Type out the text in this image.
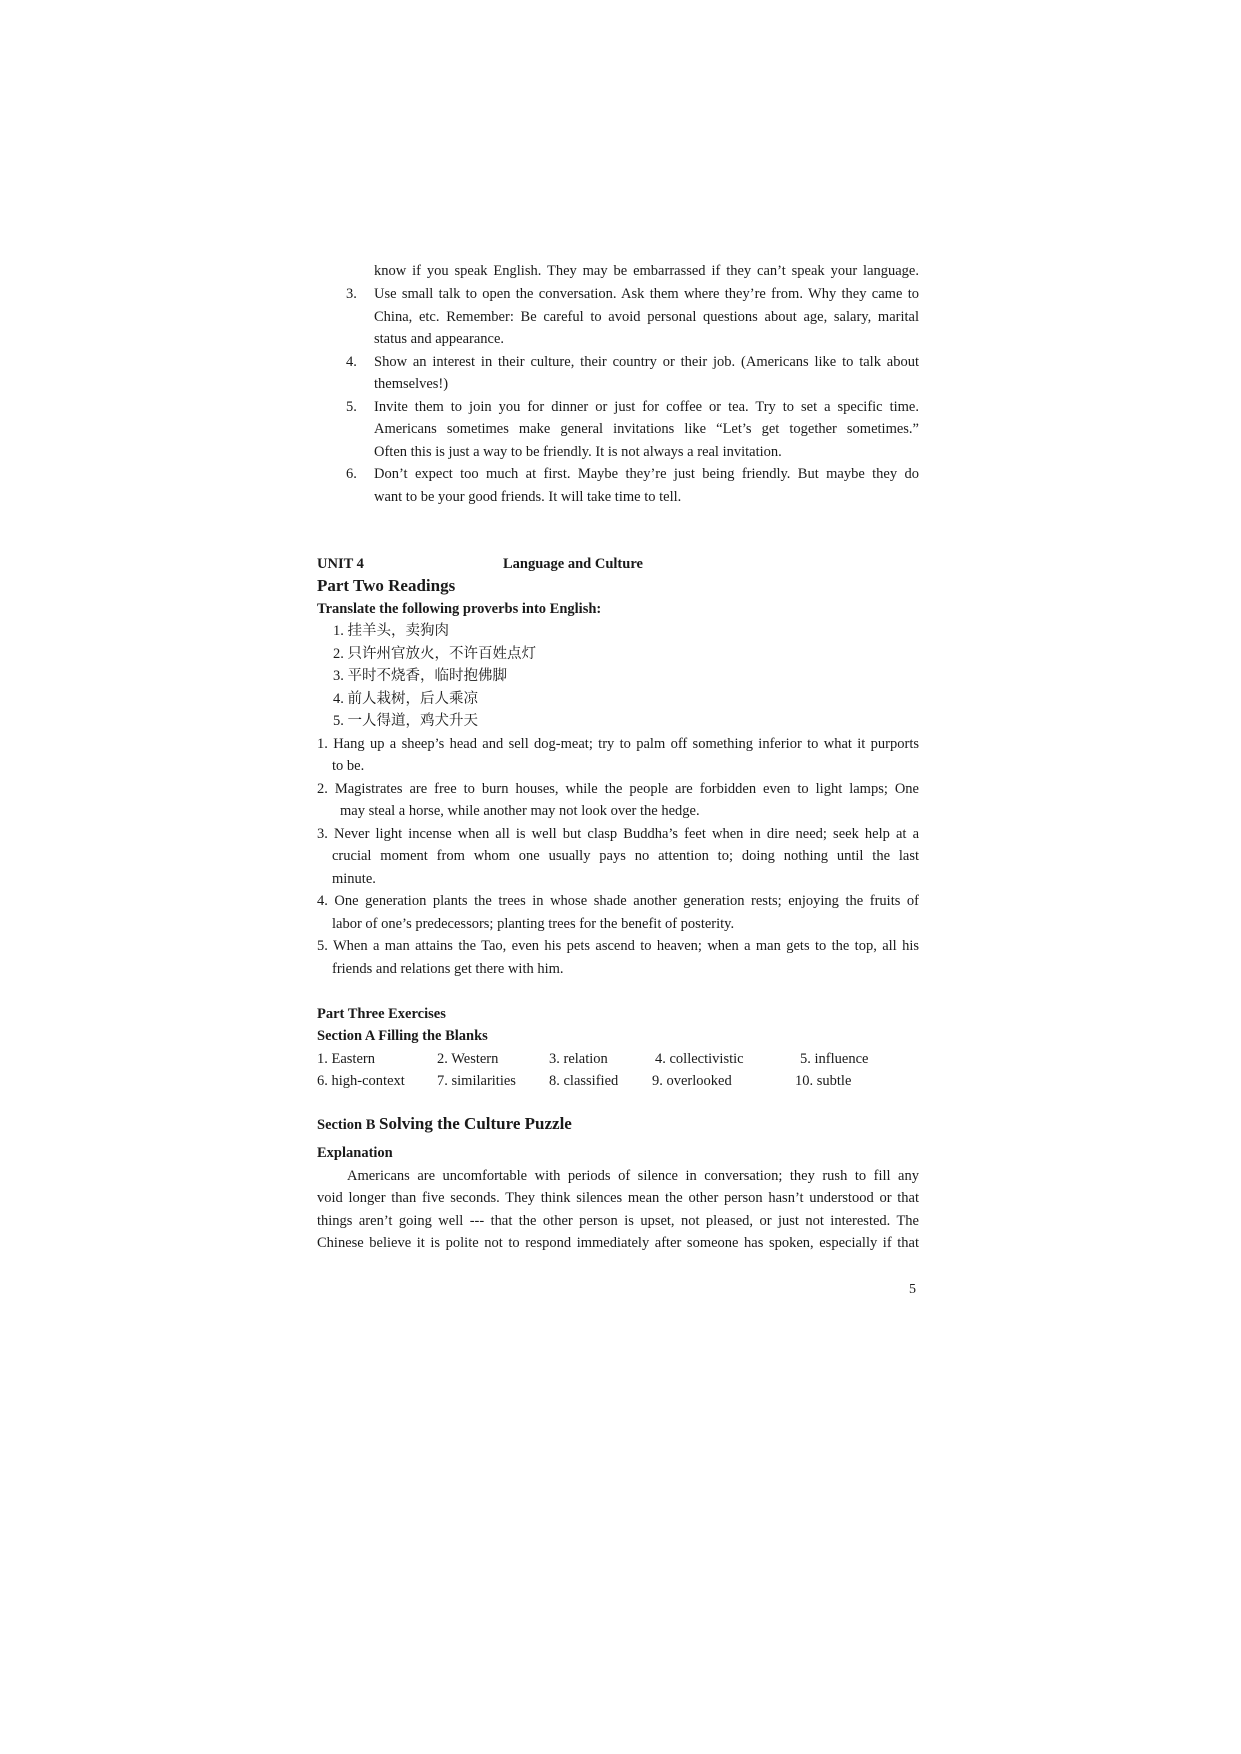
know if you speak English. They may be embarrassed if they can’t speak your language.
3. Use small talk to open the conversation. Ask them where they’re from. Why they came to
China, etc. Remember: Be careful to avoid personal questions about age, salary, marital
status and appearance.
4. Show an interest in their culture, their country or their job. (Americans like to talk about
themselves!)
5. Invite them to join you for dinner or just for coffee or tea. Try to set a specific time.
Americans sometimes make general invitations like “Let’s get together sometimes.”
Often this is just a way to be friendly. It is not always a real invitation.
6. Don’t expect too much at first. Maybe they’re just being friendly. But maybe they do
want to be your good friends. It will take time to tell.
UNIT 4	Language and Culture
Part Two Readings
Translate the following proverbs into English:
1. 挂羊头，卖狗肉
2. 只许州官放火，不许百姓点灯
3. 平时不烧香，临时抱佛脚
4. 前人栽树，后人乘凉
5. 一人得道，鸡犬升天
1. Hang up a sheep’s head and sell dog-meat; try to palm off something inferior to what it purports
to be.
2. Magistrates are free to burn houses, while the people are forbidden even to light lamps; One
may steal a horse, while another may not look over the hedge.
3. Never light incense when all is well but clasp Buddha’s feet when in dire need; seek help at a
crucial moment from whom one usually pays no attention to; doing nothing until the last
minute.
4. One generation plants the trees in whose shade another generation rests; enjoying the fruits of
labor of one’s predecessors; planting trees for the benefit of posterity.
5. When a man attains the Tao, even his pets ascend to heaven; when a man gets to the top, all his
friends and relations get there with him.
Part Three Exercises
Section A Filling the Blanks
1. Eastern	2. Western	3. relation	4. collectivistic	5. influence
6. high-context 7. similarities 8. classified 9. overlooked	10. subtle
Section B Solving the Culture Puzzle
Explanation
Americans are uncomfortable with periods of silence in conversation; they rush to fill any
void longer than five seconds. They think silences mean the other person hasn’t understood or that
things aren’t going well --- that the other person is upset, not pleased, or just not interested. The
Chinese believe it is polite not to respond immediately after someone has spoken, especially if that
5
